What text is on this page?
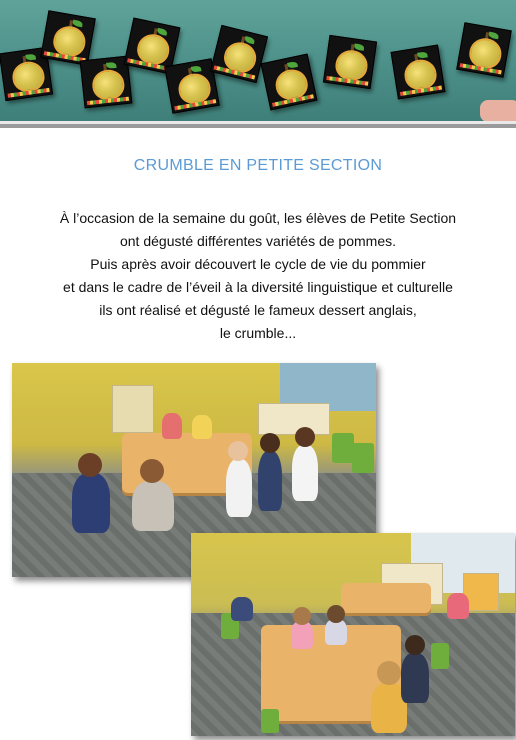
CRUMBLE EN PETITE SECTION
À l’occasion de la semaine du goût, les élèves de Petite Section
ont dégusté différentes variétés de pommes.
Puis après avoir découvert le cycle de vie du pommier
et dans le cadre de l’éveil à la diversité linguistique et culturelle
ils ont réalisé et dégusté le fameux dessert anglais,
le crumble...
